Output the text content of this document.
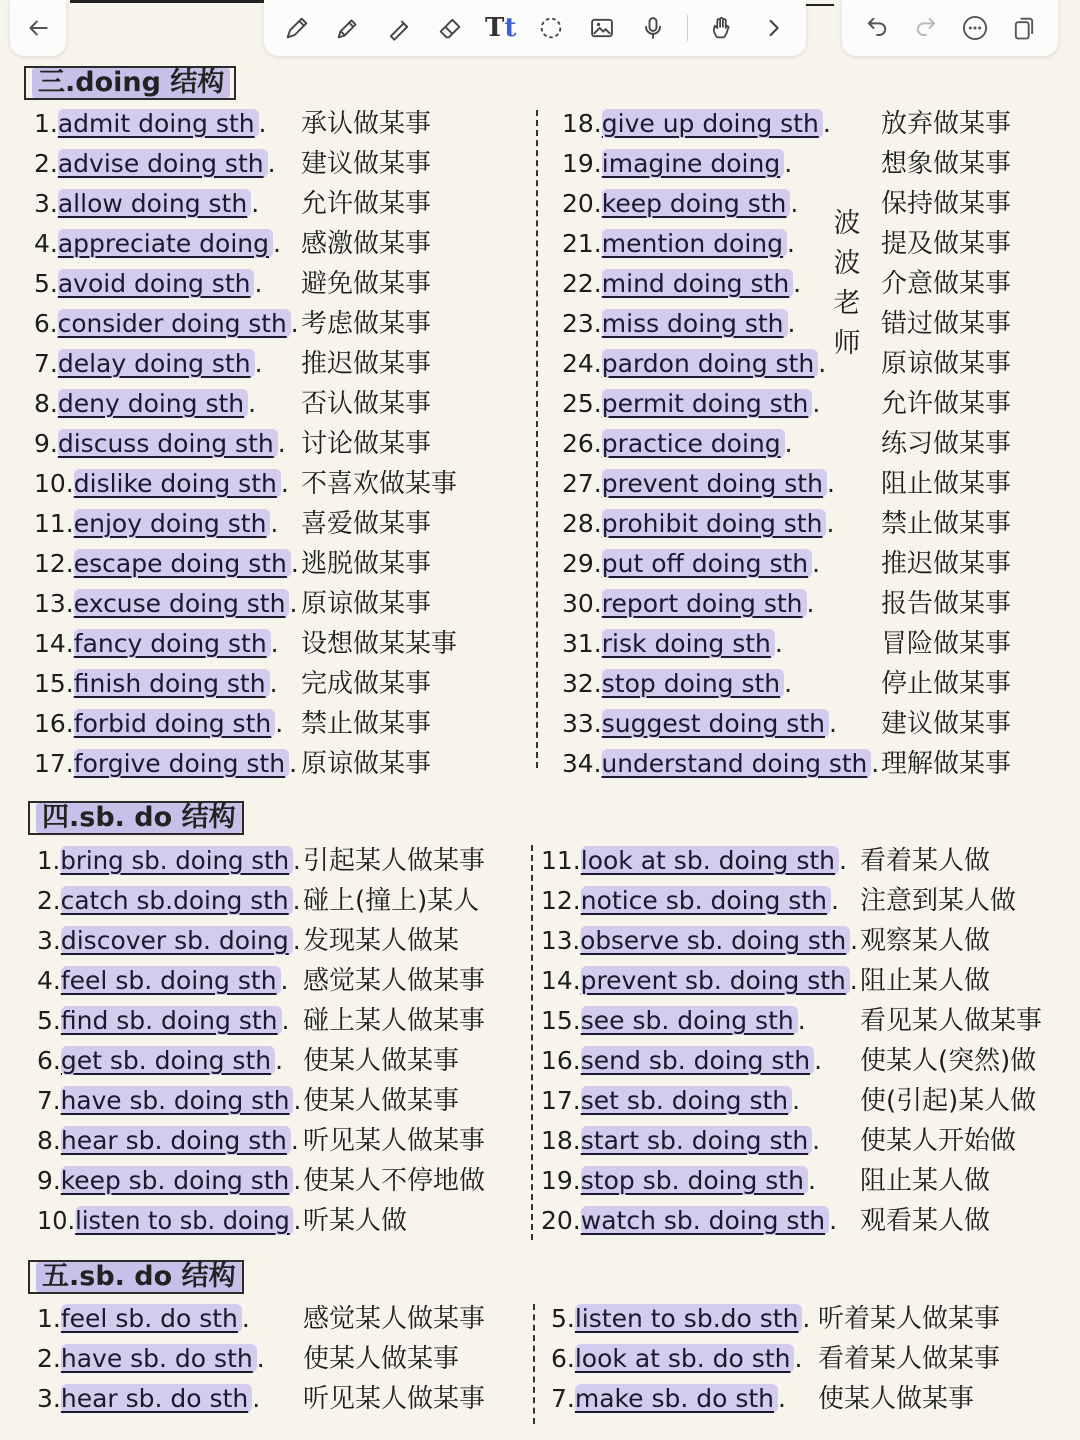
Tt
三.doing 结构
1.admit doing sth . 承认做某事
2.advise doing sth . 建议做某事
3.allow doing sth . 允许做某事
4.appreciate doing . 感激做某事
5.avoid doing sth . 避免做某事
6.consider doing sth . 考虑做某事
7.delay doing sth . 推迟做某事
8.deny doing sth . 否认做某事
9.discuss doing sth . 讨论做某事
10.dislike doing sth . 不喜欢做某事
11.enjoy doing sth . 喜爱做某事
12.escape doing sth . 逃脱做某事
13.excuse doing sth . 原谅做某事
14.fancy doing sth . 设想做某某事
15.finish doing sth . 完成做某事
16.forbid doing sth . 禁止做某事
17.forgive doing sth . 原谅做某事
18.give up doing sth . 放弃做某事
19.imagine doing .	想象做某事
20.keep doing sth .	保持做某事
21.mention doing .	提及做某事
22.mind doing sth .	介意做某事
23.miss doing sth .	错过做某事
24.pardon doing sth . 原谅做某事
25.permit doing sth . 允许做某事
26.practice doing .	练习做某事
27.prevent doing sth . 阻止做某事
28.prohibit doing sth . 禁止做某事
29.put off doing sth . 推迟做某事
30.report doing sth .	报告做某事
31.risk doing sth .	冒险做某事
32.stop doing sth .	停止做某事
33.suggest doing sth . 建议做某事
34.understand doing sth . 理解做某事
波
波
老
师
四.sb. do 结构
1.bring sb. doing sth . 引起某人做某事
2.catch sb.doing sth . 碰上(撞上)某人
3.discover sb. doing . 发现某人做某
4.feel sb. doing sth . 感觉某人做某事
5.find sb. doing sth . 碰上某人做某事
6.get sb. doing sth . 使某人做某事
7.have sb. doing sth . 使某人做某事
8.hear sb. doing sth . 听见某人做某事
9.keep sb. doing sth . 使某人不停地做
10.listen to sb. doing . 听某人做
11.look at sb. doing sth . 看着某人做
12.notice sb. doing sth . 注意到某人做
13.observe sb. doing sth . 观察某人做
14.prevent sb. doing sth . 阻止某人做
15.see sb. doing sth . 看见某人做某事
16.send sb. doing sth . 使某人(突然)做
17.set sb. doing sth . 使(引起)某人做
18.start sb. doing sth . 使某人开始做
19.stop sb. doing sth . 阻止某人做
20.watch sb. doing sth . 观看某人做
五.sb. do 结构
1.feel sb. do sth . 感觉某人做某事
2.have sb. do sth . 使某人做某事
3.hear sb. do sth . 听见某人做某事
5.listen to sb.do sth . 听着某人做某事
6.look at sb. do sth . 看着某人做某事
7.make sb. do sth . 使某人做某事
